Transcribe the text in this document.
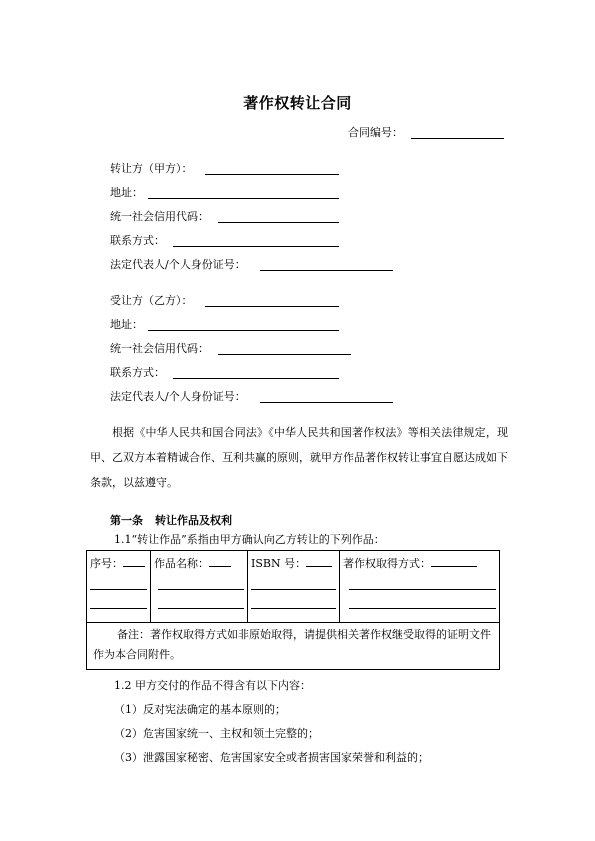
著作权转让合同
合同编号：
转让方（甲方）：
地址：
统一社会信用代码：
联系方式：
法定代表人/个人身份证号：
受让方（乙方）：
地址：
统一社会信用代码：
联系方式：
法定代表人/个人身份证号：
根据《中华人民共和国合同法》《中华人民共和国著作权法》等相关法律规定，现甲、乙双方本着精诚合作、互利共赢的原则，就甲方作品著作权转让事宜自愿达成如下条款，以兹遵守。
第一条 转让作品及权利
1.1“转让作品”系指由甲方确认向乙方转让的下列作品：
序号：	作品名称：	ISBN 号：	著作权取得方式：

备注：著作权取得方式如非原始取得，请提供相关著作权继受取得的证明文件作为本合同附件。
1.2 甲方交付的作品不得含有以下内容：
（1）反对宪法确定的基本原则的；
（2）危害国家统一、主权和领土完整的；
（3）泄露国家秘密、危害国家安全或者损害国家荣誉和利益的；
